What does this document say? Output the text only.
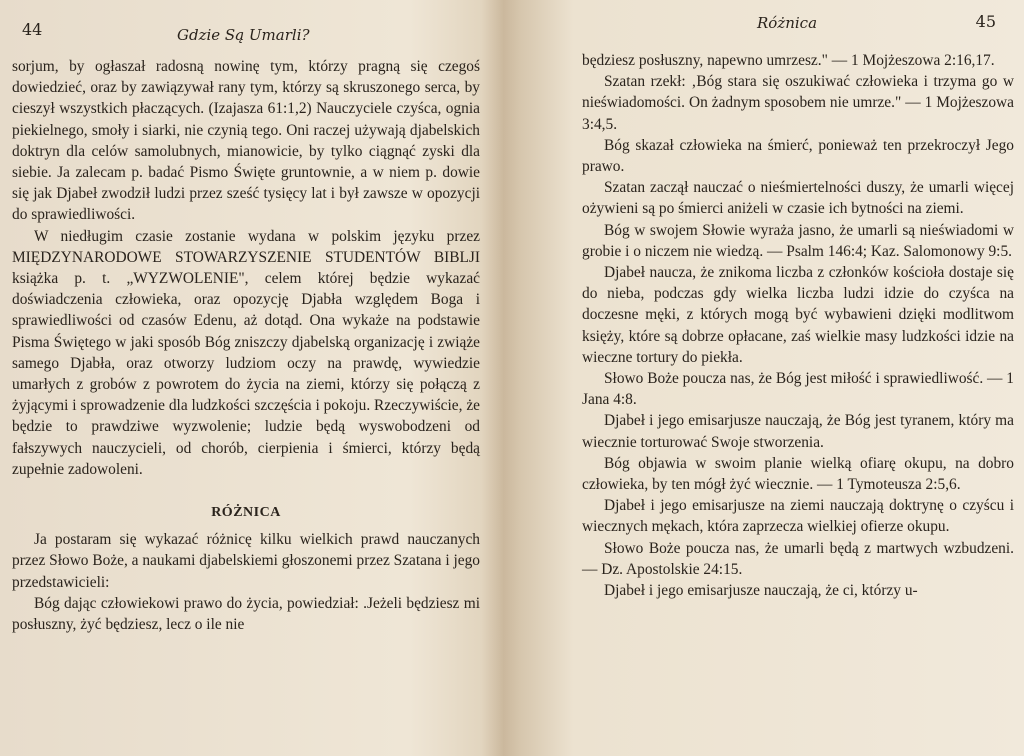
44	Gdzie Są Umarli?

sorjum, by ogłaszał radosną nowinę tym, którzy pragną się czegoś dowiedzieć, oraz by zawiązywał rany tym, którzy są skruszonego serca, by cieszył wszystkich płaczących. (Izajasza 61:1,2) Nauczyciele czyśca, ognia piekielnego, smoły i siarki, nie czynią tego. Oni raczej używają djabelskich doktryn dla celów samolubnych, mianowicie, by tylko ciągnąć zyski dla siebie. Ja zalecam p. badać Pismo Święte gruntownie, a w niem p. dowie się jak Djabeł zwodził ludzi przez sześć tysięcy lat i był zawsze w opozycji do sprawiedliwości.

W niedługim czasie zostanie wydana w polskim języku przez MIĘDZYNARODOWE STOWARZYSZENIE STUDENTÓW BIBLJI książka p. t. „WYZWOLENIE", celem której będzie wykazać doświadczenia człowieka, oraz opozycję Djabła względem Boga i sprawiedliwości od czasów Edenu, aż dotąd. Ona wykaże na podstawie Pisma Świętego w jaki sposób Bóg zniszczy djabelską organizację i zwiąże samego Djabła, oraz otworzy ludziom oczy na prawdę, wywiedzie umarłych z grobów z powrotem do życia na ziemi, którzy się połączą z żyjącymi i sprowadzenie dla ludzkości szczęścia i pokoju. Rzeczywiście, że będzie to prawdziwe wyzwolenie; ludzie będą wyswobodzeni od fałszywych nauczycieli, od chorób, cierpienia i śmierci, którzy będą zupełnie zadowoleni.

RÓŻNICA

Ja postaram się wykazać różnicę kilku wielkich prawd nauczanych przez Słowo Boże, a naukami djabelskiemi głoszonemi przez Szatana i jego przedstawicieli:

Bóg dając człowiekowi prawo do życia, powiedział: .Jeżeli będziesz mi posłuszny, żyć będziesz, lecz o ile nie

Różnica	45

będziesz posłuszny, napewno umrzesz." — 1 Mojżeszowa 2:16,17.

Szatan rzekł: ‚Bóg stara się oszukiwać człowieka i trzyma go w nieświadomości. On żadnym sposobem nie umrze." — 1 Mojżeszowa 3:4,5.

Bóg skazał człowieka na śmierć, ponieważ ten przekroczył Jego prawo.

Szatan zaczął nauczać o nieśmiertelności duszy, że umarli więcej ożywieni są po śmierci aniżeli w czasie ich bytności na ziemi.

Bóg w swojem Słowie wyraża jasno, że umarli są nieświadomi w grobie i o niczem nie wiedzą. — Psalm 146:4; Kaz. Salomonowy 9:5.

Djabeł naucza, że znikoma liczba z członków kościoła dostaje się do nieba, podczas gdy wielka liczba ludzi idzie do czyśca na doczesne męki, z których mogą być wybawieni dzięki modlitwom księży, które są dobrze opłacane, zaś wielkie masy ludzkości idzie na wieczne tortury do piekła.

Słowo Boże poucza nas, że Bóg jest miłość i sprawiedliwość. — 1 Jana 4:8.

Djabeł i jego emisarjusze nauczają, że Bóg jest tyranem, który ma wiecznie torturować Swoje stworzenia.

Bóg objawia w swoim planie wielką ofiarę okupu, na dobro człowieka, by ten mógł żyć wiecznie. — 1 Tymoteusza 2:5,6.

Djabeł i jego emisarjusze na ziemi nauczają doktrynę o czyścu i wiecznych mękach, która zaprzecza wielkiej ofierze okupu.

Słowo Boże poucza nas, że umarli będą z martwych wzbudzeni. — Dz. Apostolskie 24:15.

Djabeł i jego emisarjusze nauczają, że ci, którzy u-
